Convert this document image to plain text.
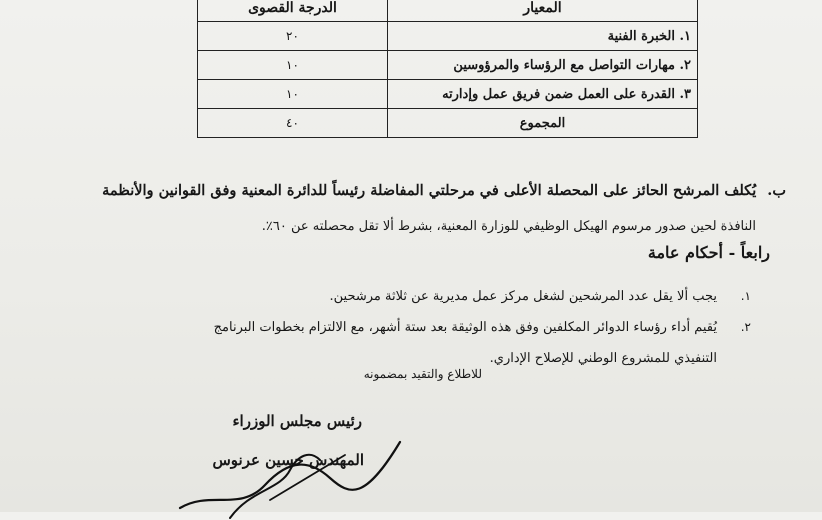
المعيار	الدرجة القصوى
١. الخبرة الفنية	٢٠
٢. مهارات التواصل مع الرؤساء والمرؤوسين	١٠
٣. القدرة على العمل ضمن فريق عمل وإدارته	١٠
المجموع	٤٠
ب. يُكلف المرشح الحائز على المحصلة الأعلى في مرحلتي المفاضلة رئيساً للدائرة المعنية وفق القوانين والأنظمة
النافذة لحين صدور مرسوم الهيكل الوظيفي للوزارة المعنية، بشرط ألا تقل محصلته عن ٦٠٪.
رابعاً - أحكام عامة
١.
يجب ألا يقل عدد المرشحين لشغل مركز عمل مديرية عن ثلاثة مرشحين.
٢.
يُقيم أداء رؤساء الدوائر المكلفين وفق هذه الوثيقة بعد ستة أشهر، مع الالتزام بخطوات البرنامج
التنفيذي للمشروع الوطني للإصلاح الإداري.
للاطلاع والتقيد بمضمونه
رئيس مجلس الوزراء
المهندس حسين عرنوس
